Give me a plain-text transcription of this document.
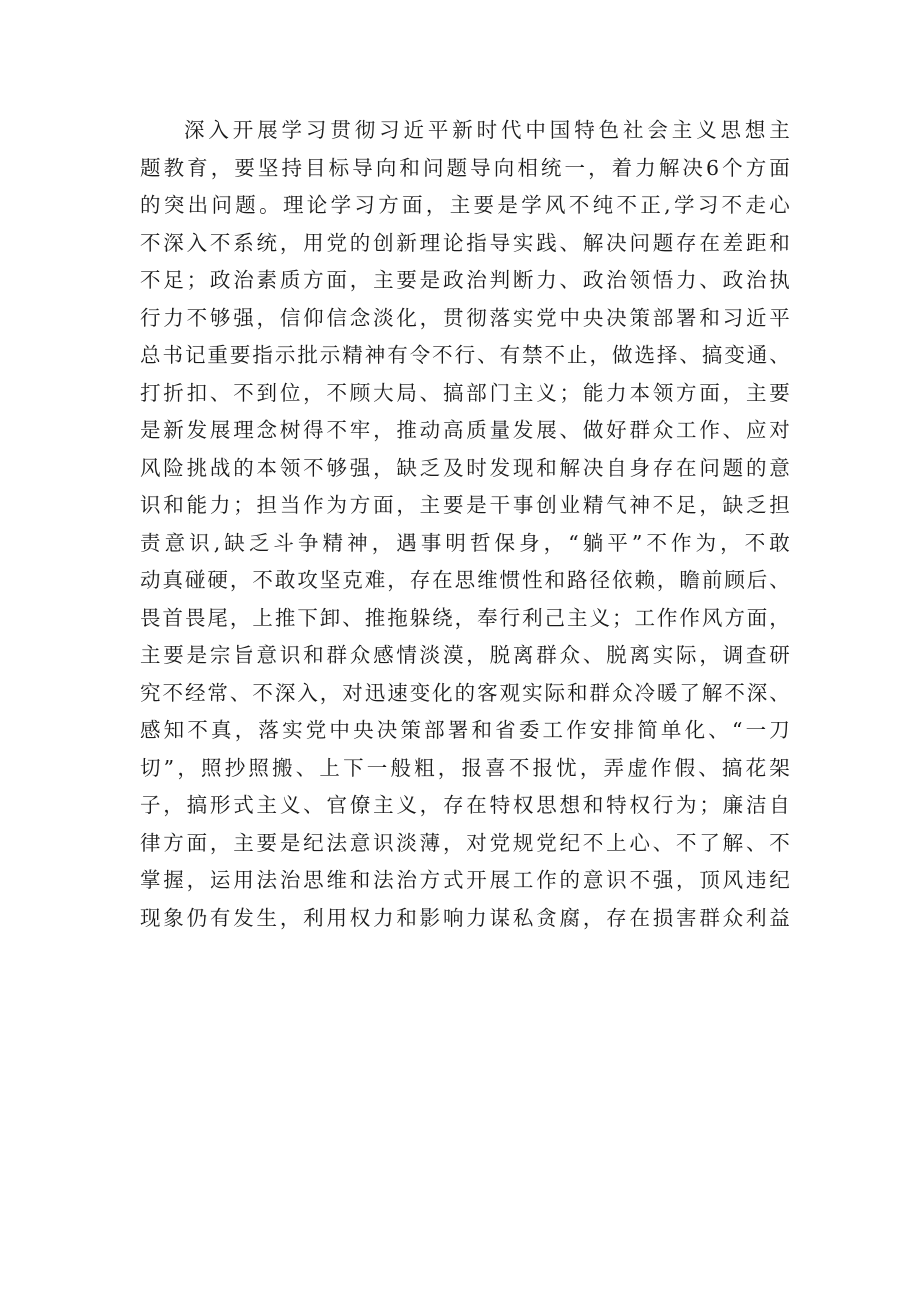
深入开展学习贯彻习近平新时代中国特色社会主义思想主
题教育，要坚持目标导向和问题导向相统一，着力解决6个方面
的突出问题。理论学习方面，主要是学风不纯不正,学习不走心
不深入不系统，用党的创新理论指导实践、解决问题存在差距和
不足；政治素质方面，主要是政治判断力、政治领悟力、政治执
行力不够强，信仰信念淡化，贯彻落实党中央决策部署和习近平
总书记重要指示批示精神有令不行、有禁不止，做选择、搞变通、
打折扣、不到位，不顾大局、搞部门主义；能力本领方面，主要
是新发展理念树得不牢，推动高质量发展、做好群众工作、应对
风险挑战的本领不够强，缺乏及时发现和解决自身存在问题的意
识和能力；担当作为方面，主要是干事创业精气神不足，缺乏担
责意识,缺乏斗争精神，遇事明哲保身，“躺平”不作为，不敢
动真碰硬，不敢攻坚克难，存在思维惯性和路径依赖，瞻前顾后、
畏首畏尾，上推下卸、推拖躲绕，奉行利己主义；工作作风方面，
主要是宗旨意识和群众感情淡漠，脱离群众、脱离实际，调查研
究不经常、不深入，对迅速变化的客观实际和群众冷暖了解不深、
感知不真，落实党中央决策部署和省委工作安排简单化、“一刀
切”，照抄照搬、上下一般粗，报喜不报忧，弄虚作假、搞花架
子，搞形式主义、官僚主义，存在特权思想和特权行为；廉洁自
律方面，主要是纪法意识淡薄，对党规党纪不上心、不了解、不
掌握，运用法治思维和法治方式开展工作的意识不强，顶风违纪
现象仍有发生，利用权力和影响力谋私贪腐，存在损害群众利益
